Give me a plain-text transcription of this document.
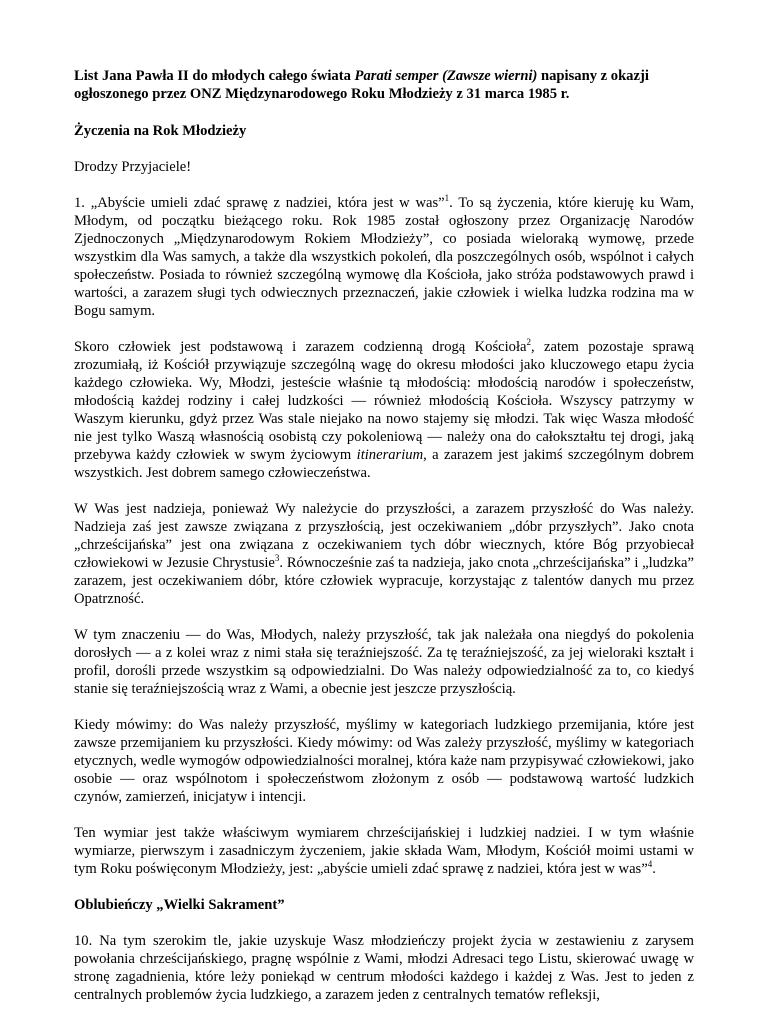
List Jana Pawła II do młodych całego świata Parati semper (Zawsze wierni) napisany z okazji ogłoszonego przez ONZ Międzynarodowego Roku Młodzieży z 31 marca 1985 r.

Życzenia na Rok Młodzieży

Drodzy Przyjaciele!

1. „Abyście umieli zdać sprawę z nadziei, która jest w was”$^1$. To są życzenia, które kieruję ku Wam, Młodym, od początku bieżącego roku. Rok 1985 został ogłoszony przez Organizację Narodów Zjednoczonych „Międzynarodowym Rokiem Młodzieży”, co posiada wieloraką wymowę, przede wszystkim dla Was samych, a także dla wszystkich pokoleń, dla poszczególnych osób, wspólnot i całych społeczeństw. Posiada to również szczególną wymowę dla Kościoła, jako stróża podstawowych prawd i wartości, a zarazem sługi tych odwiecznych przeznaczeń, jakie człowiek i wielka ludzka rodzina ma w Bogu samym.

Skoro człowiek jest podstawową i zarazem codzienną drogą Kościoła$^2$, zatem pozostaje sprawą zrozumiałą, iż Kościół przywiązuje szczególną wagę do okresu młodości jako kluczowego etapu życia każdego człowieka. Wy, Młodzi, jesteście właśnie tą młodością: młodością narodów i społeczeństw, młodością każdej rodziny i całej ludzkości — również młodością Kościoła. Wszyscy patrzymy w Waszym kierunku, gdyż przez Was stale niejako na nowo stajemy się młodzi. Tak więc Wasza młodość nie jest tylko Waszą własnością osobistą czy pokoleniową — należy ona do całokształtu tej drogi, jaką przebywa każdy człowiek w swym życiowym itinerarium, a zarazem jest jakimś szczególnym dobrem wszystkich. Jest dobrem samego człowieczeństwa.

W Was jest nadzieja, ponieważ Wy należycie do przyszłości, a zarazem przyszłość do Was należy. Nadzieja zaś jest zawsze związana z przyszłością, jest oczekiwaniem „dóbr przyszłych”. Jako cnota „chrześcijańska” jest ona związana z oczekiwaniem tych dóbr wiecznych, które Bóg przyobiecał człowiekowi w Jezusie Chrystusie$^3$. Równocześnie zaś ta nadzieja, jako cnota „chrześcijańska” i „ludzka” zarazem, jest oczekiwaniem dóbr, które człowiek wypracuje, korzystając z talentów danych mu przez Opatrzność.

W tym znaczeniu — do Was, Młodych, należy przyszłość, tak jak należała ona niegdyś do pokolenia dorosłych — a z kolei wraz z nimi stała się teraźniejszość. Za tę teraźniejszość, za jej wieloraki kształt i profil, dorośli przede wszystkim są odpowiedzialni. Do Was należy odpowiedzialność za to, co kiedyś stanie się teraźniejszością wraz z Wami, a obecnie jest jeszcze przyszłością.

Kiedy mówimy: do Was należy przyszłość, myślimy w kategoriach ludzkiego przemijania, które jest zawsze przemijaniem ku przyszłości. Kiedy mówimy: od Was zależy przyszłość, myślimy w kategoriach etycznych, wedle wymogów odpowiedzialności moralnej, która każe nam przypisywać człowiekowi, jako osobie — oraz wspólnotom i społeczeństwom złożonym z osób — podstawową wartość ludzkich czynów, zamierzeń, inicjatyw i intencji.

Ten wymiar jest także właściwym wymiarem chrześcijańskiej i ludzkiej nadziei. I w tym właśnie wymiarze, pierwszym i zasadniczym życzeniem, jakie składa Wam, Młodym, Kościół moimi ustami w tym Roku poświęconym Młodzieży, jest: „abyście umieli zdać sprawę z nadziei, która jest w was”$^4$.

Oblubieńczy „Wielki Sakrament”

10. Na tym szerokim tle, jakie uzyskuje Wasz młodzieńczy projekt życia w zestawieniu z zarysem powołania chrześcijańskiego, pragnę wspólnie z Wami, młodzi Adresaci tego Listu, skierować uwagę w stronę zagadnienia, które leży poniekąd w centrum młodości każdego i każdej z Was. Jest to jeden z centralnych problemów życia ludzkiego, a zarazem jeden z centralnych tematów refleksji,
